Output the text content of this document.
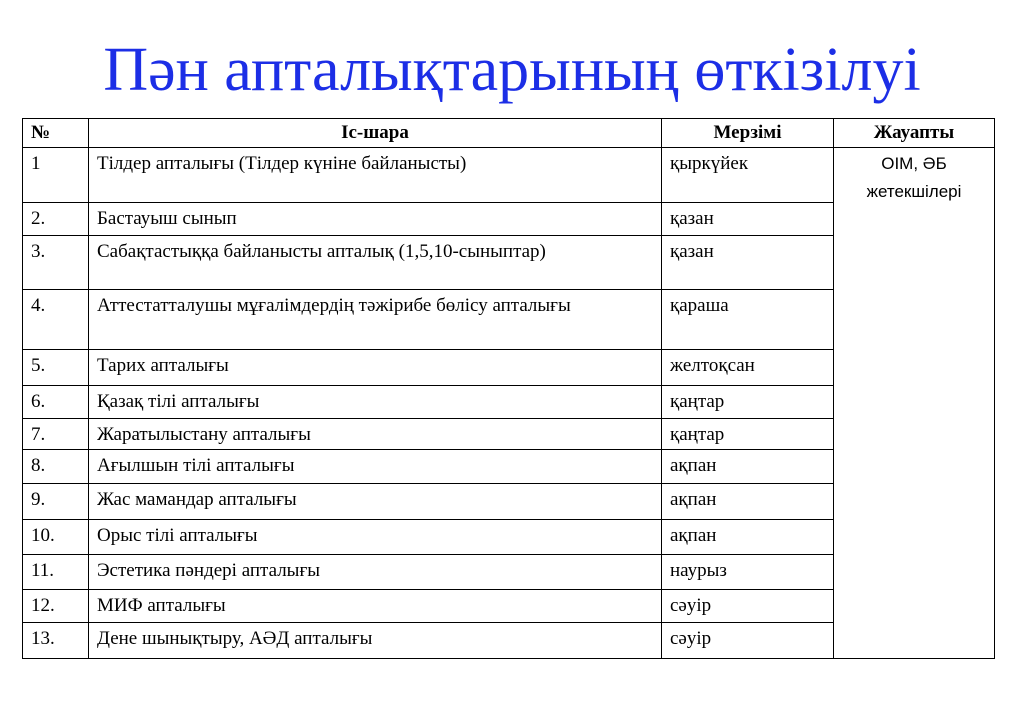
Пән апталықтарының өткізілуі
№	Іс-шара	Мерзімі	Жауапты
1	Тілдер апталығы (Тілдер күніне байланысты)	қыркүйек	ОІМ, ӘБ жетекшілері
2.	Бастауыш сынып	қазан	
3.	Сабақтастыққа байланысты апталық (1,5,10-сыныптар)	қазан	
4.	Аттестатталушы мұғалімдердің тәжірибе бөлісу апталығы	қараша	
5.	Тарих апталығы	желтоқсан	
6.	Қазақ тілі апталығы	қаңтар	
7.	Жаратылыстану апталығы	қаңтар	
8.	Ағылшын тілі апталығы	ақпан	
9.	Жас мамандар апталығы	ақпан	
10.	Орыс тілі апталығы	ақпан	
11.	Эстетика пәндері апталығы	наурыз	
12.	МИФ апталығы	сәуір	
13.	Дене шынықтыру, АӘД апталығы	сәуір	
